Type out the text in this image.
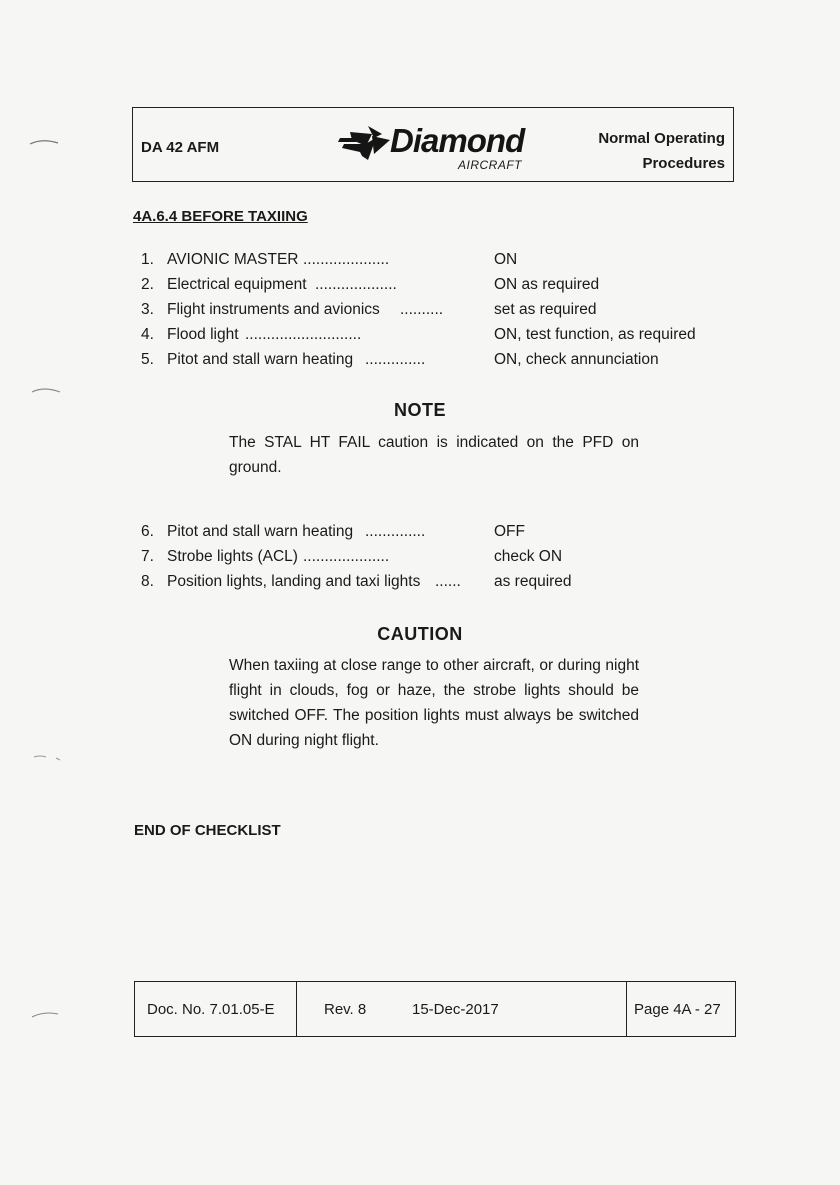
DA 42 AFM	Diamond
AIRCRAFT
Normal Operating
Procedures
4A.6.4 BEFORE TAXIING
1. AVIONIC MASTER ....................	ON
2. Electrical equipment ...................	ON as required
3. Flight instruments and avionics ..........	set as required
4. Flood light ...........................	ON, test function, as required
5. Pitot and stall warn heating ..............	ON, check annunciation
NOTE
The STAL HT FAIL caution is indicated on the PFD on ground.
6. Pitot and stall warn heating ..............	OFF
7. Strobe lights (ACL) ....................	check ON
8. Position lights, landing and taxi lights ...... as required
CAUTION
When taxiing at close range to other aircraft, or during night flight in clouds, fog or haze, the strobe lights should be switched OFF. The position lights must always be switched ON during night flight.
END OF CHECKLIST
Doc. No. 7.01.05-E	Rev. 8	15-Dec-2017	Page 4A - 27
